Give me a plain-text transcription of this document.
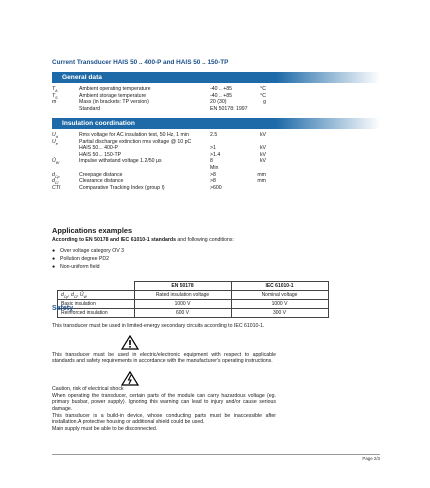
Current Transducer HAIS 50 .. 400-P and HAIS 50 .. 150-TP
General data
$T_A$	Ambient operating temperature	-40 .. +85	°C
$T_S$	Ambient storage temperature	-40 .. +85	°C
m	Mass (in brackets: TP version)	20 (30)	g
Standard	EN 50178: 1997
Insulation coordination
$U_d$	Rms voltage for AC insulation test, 50 Hz, 1 min	2.5	kV
$U_e$	Partial discharge extinction rms voltage @ 10 pC
HAIS 50... 400-P	>1	kV
HAIS 50... 150-TP	>1.4	kV
$Û_W$	Impulse withstand voltage 1.2/50 µs	8	kV
Min
$d_{Cp}$	Creepage distance	>8	mm
$d_{Cl}$	Clearance distance	>8	mm
CTI	Comparative Tracking Index (group I)	>600
Applications examples
According to EN 50178 and IEC 61010-1 standards and following conditions:
● Over voltage category OV 3
● Pollution degree PD2
● Non-uniform field
	EN 50178	IEC 61010-1
$d_{Cp}$, $d_{Cl}$, $Û_W$	Rated insulation voltage	Nominal voltage
Basic insulation	1000 V	1000 V
Reinforced insulation	600 V	300 V
Safety
This transducer must be used in limited-energy secondary circuits according to IEC 61010-1.
This transducer must be used in electric/electronic equipment with respect to applicable standards and safety requirements in accordance with the manufacturer's operating instructions.
Caution, risk of electrical shock
When operating the transducer, certain parts of the module can carry hazardous voltage (eg. primary busbar, power supply). Ignoring this warning can lead to injury and/or cause serious damage.
This transducer is a build-in device, whose conducting parts must be inaccessible after installation.A protective housing or additional shield could be used.
Main supply must be able to be disconnected.
Page 2/3
